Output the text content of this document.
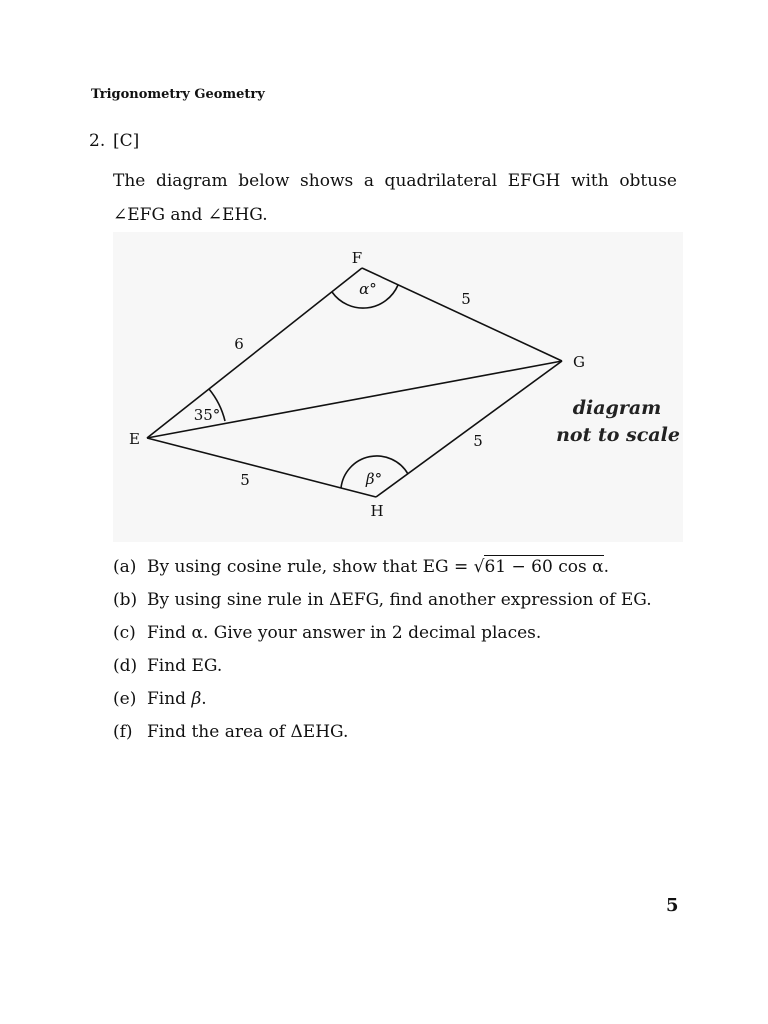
Trigonometry Geometry
2. [C]
The diagram below shows a quadrilateral EFGH with obtuse
∠EFG and ∠EHG.
F
G
E
H
6
5
5
5
35°
α°
β°
diagram
not to scale
(a) By using cosine rule, show that EG = √61 − 60 cos α.
(b) By using sine rule in ΔEFG, find another expression of EG.
(c) Find α. Give your answer in 2 decimal places.
(d) Find EG.
(e) Find β.
(f) Find the area of ΔEHG.
5
